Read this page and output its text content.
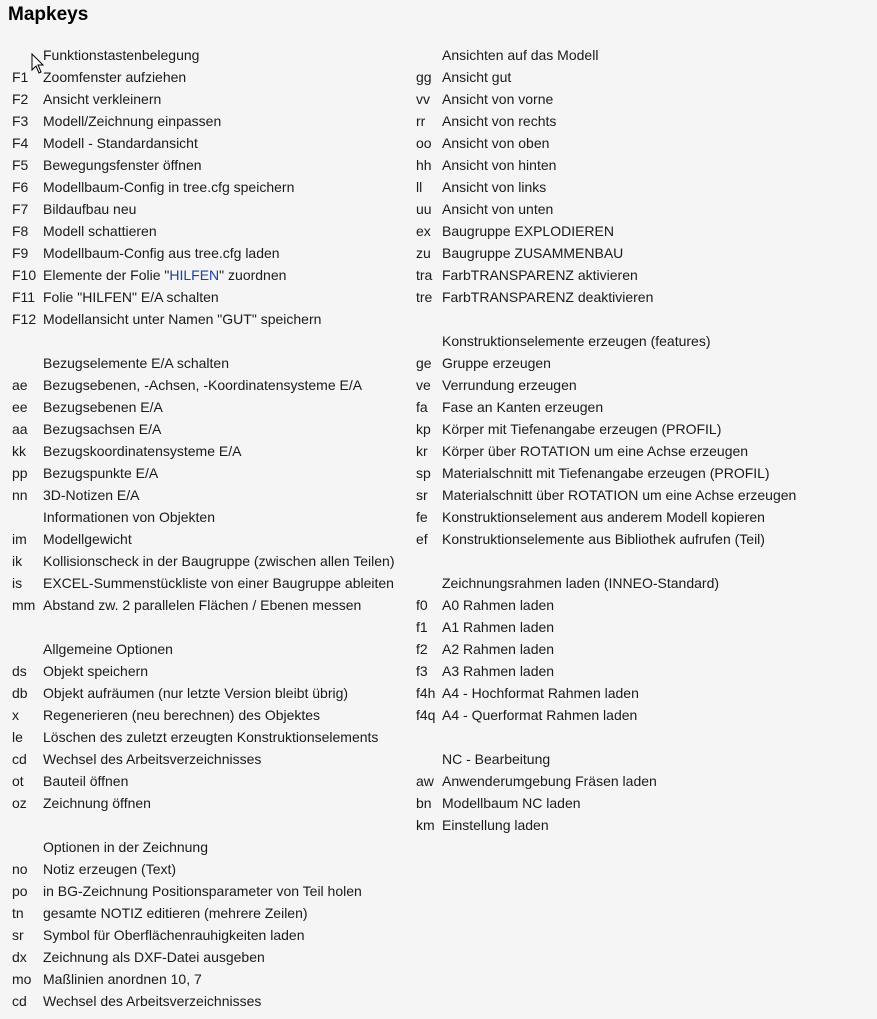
Mapkeys
Funktionstastenbelegung
F1 Zoomfenster aufziehen
F2 Ansicht verkleinern
F3 Modell/Zeichnung einpassen
F4 Modell - Standardansicht
F5 Bewegungsfenster öffnen
F6 Modellbaum-Config in tree.cfg speichern
F7 Bildaufbau neu
F8 Modell schattieren
F9 Modellbaum-Config aus tree.cfg laden
F10 Elemente der Folie "HILFEN" zuordnen
F11 Folie "HILFEN" E/A schalten
F12 Modellansicht unter Namen "GUT" speichern
Bezugselemente E/A schalten
ae Bezugsebenen, -Achsen, -Koordinatensysteme E/A
ee Bezugsebenen E/A
aa Bezugsachsen E/A
kk Bezugskoordinatensysteme E/A
pp Bezugspunkte E/A
nn 3D-Notizen E/A
Informationen von Objekten
im Modellgewicht
ik Kollisionscheck in der Baugruppe (zwischen allen Teilen)
is EXCEL-Summenstückliste von einer Baugruppe ableiten
mm Abstand zw. 2 parallelen Flächen / Ebenen messen
Allgemeine Optionen
ds Objekt speichern
db Objekt aufräumen (nur letzte Version bleibt übrig)
x Regenerieren (neu berechnen) des Objektes
le Löschen des zuletzt erzeugten Konstruktionselements
cd Wechsel des Arbeitsverzeichnisses
ot Bauteil öffnen
oz Zeichnung öffnen
Optionen in der Zeichnung
no Notiz erzeugen (Text)
po in BG-Zeichnung Positionsparameter von Teil holen
tn gesamte NOTIZ editieren (mehrere Zeilen)
sr Symbol für Oberflächenrauhigkeiten laden
dx Zeichnung als DXF-Datei ausgeben
mo Maßlinien anordnen 10, 7
cd Wechsel des Arbeitsverzeichnisses
Ansichten auf das Modell
gg Ansicht gut
vv Ansicht von vorne
rr Ansicht von rechts
oo Ansicht von oben
hh Ansicht von hinten
ll Ansicht von links
uu Ansicht von unten
ex Baugruppe EXPLODIEREN
zu Baugruppe ZUSAMMENBAU
tra FarbTRANSPARENZ aktivieren
tre FarbTRANSPARENZ deaktivieren
Konstruktionselemente erzeugen (features)
ge Gruppe erzeugen
ve Verrundung erzeugen
fa Fase an Kanten erzeugen
kp Körper mit Tiefenangabe erzeugen (PROFIL)
kr Körper über ROTATION um eine Achse erzeugen
sp Materialschnitt mit Tiefenangabe erzeugen (PROFIL)
sr Materialschnitt über ROTATION um eine Achse erzeugen
fe Konstruktionselement aus anderem Modell kopieren
ef Konstruktionselemente aus Bibliothek aufrufen (Teil)
Zeichnungsrahmen laden (INNEO-Standard)
f0 A0 Rahmen laden
f1 A1 Rahmen laden
f2 A2 Rahmen laden
f3 A3 Rahmen laden
f4h A4 - Hochformat Rahmen laden
f4q A4 - Querformat Rahmen laden
NC - Bearbeitung
aw Anwenderumgebung Fräsen laden
bn Modellbaum NC laden
km Einstellung laden
